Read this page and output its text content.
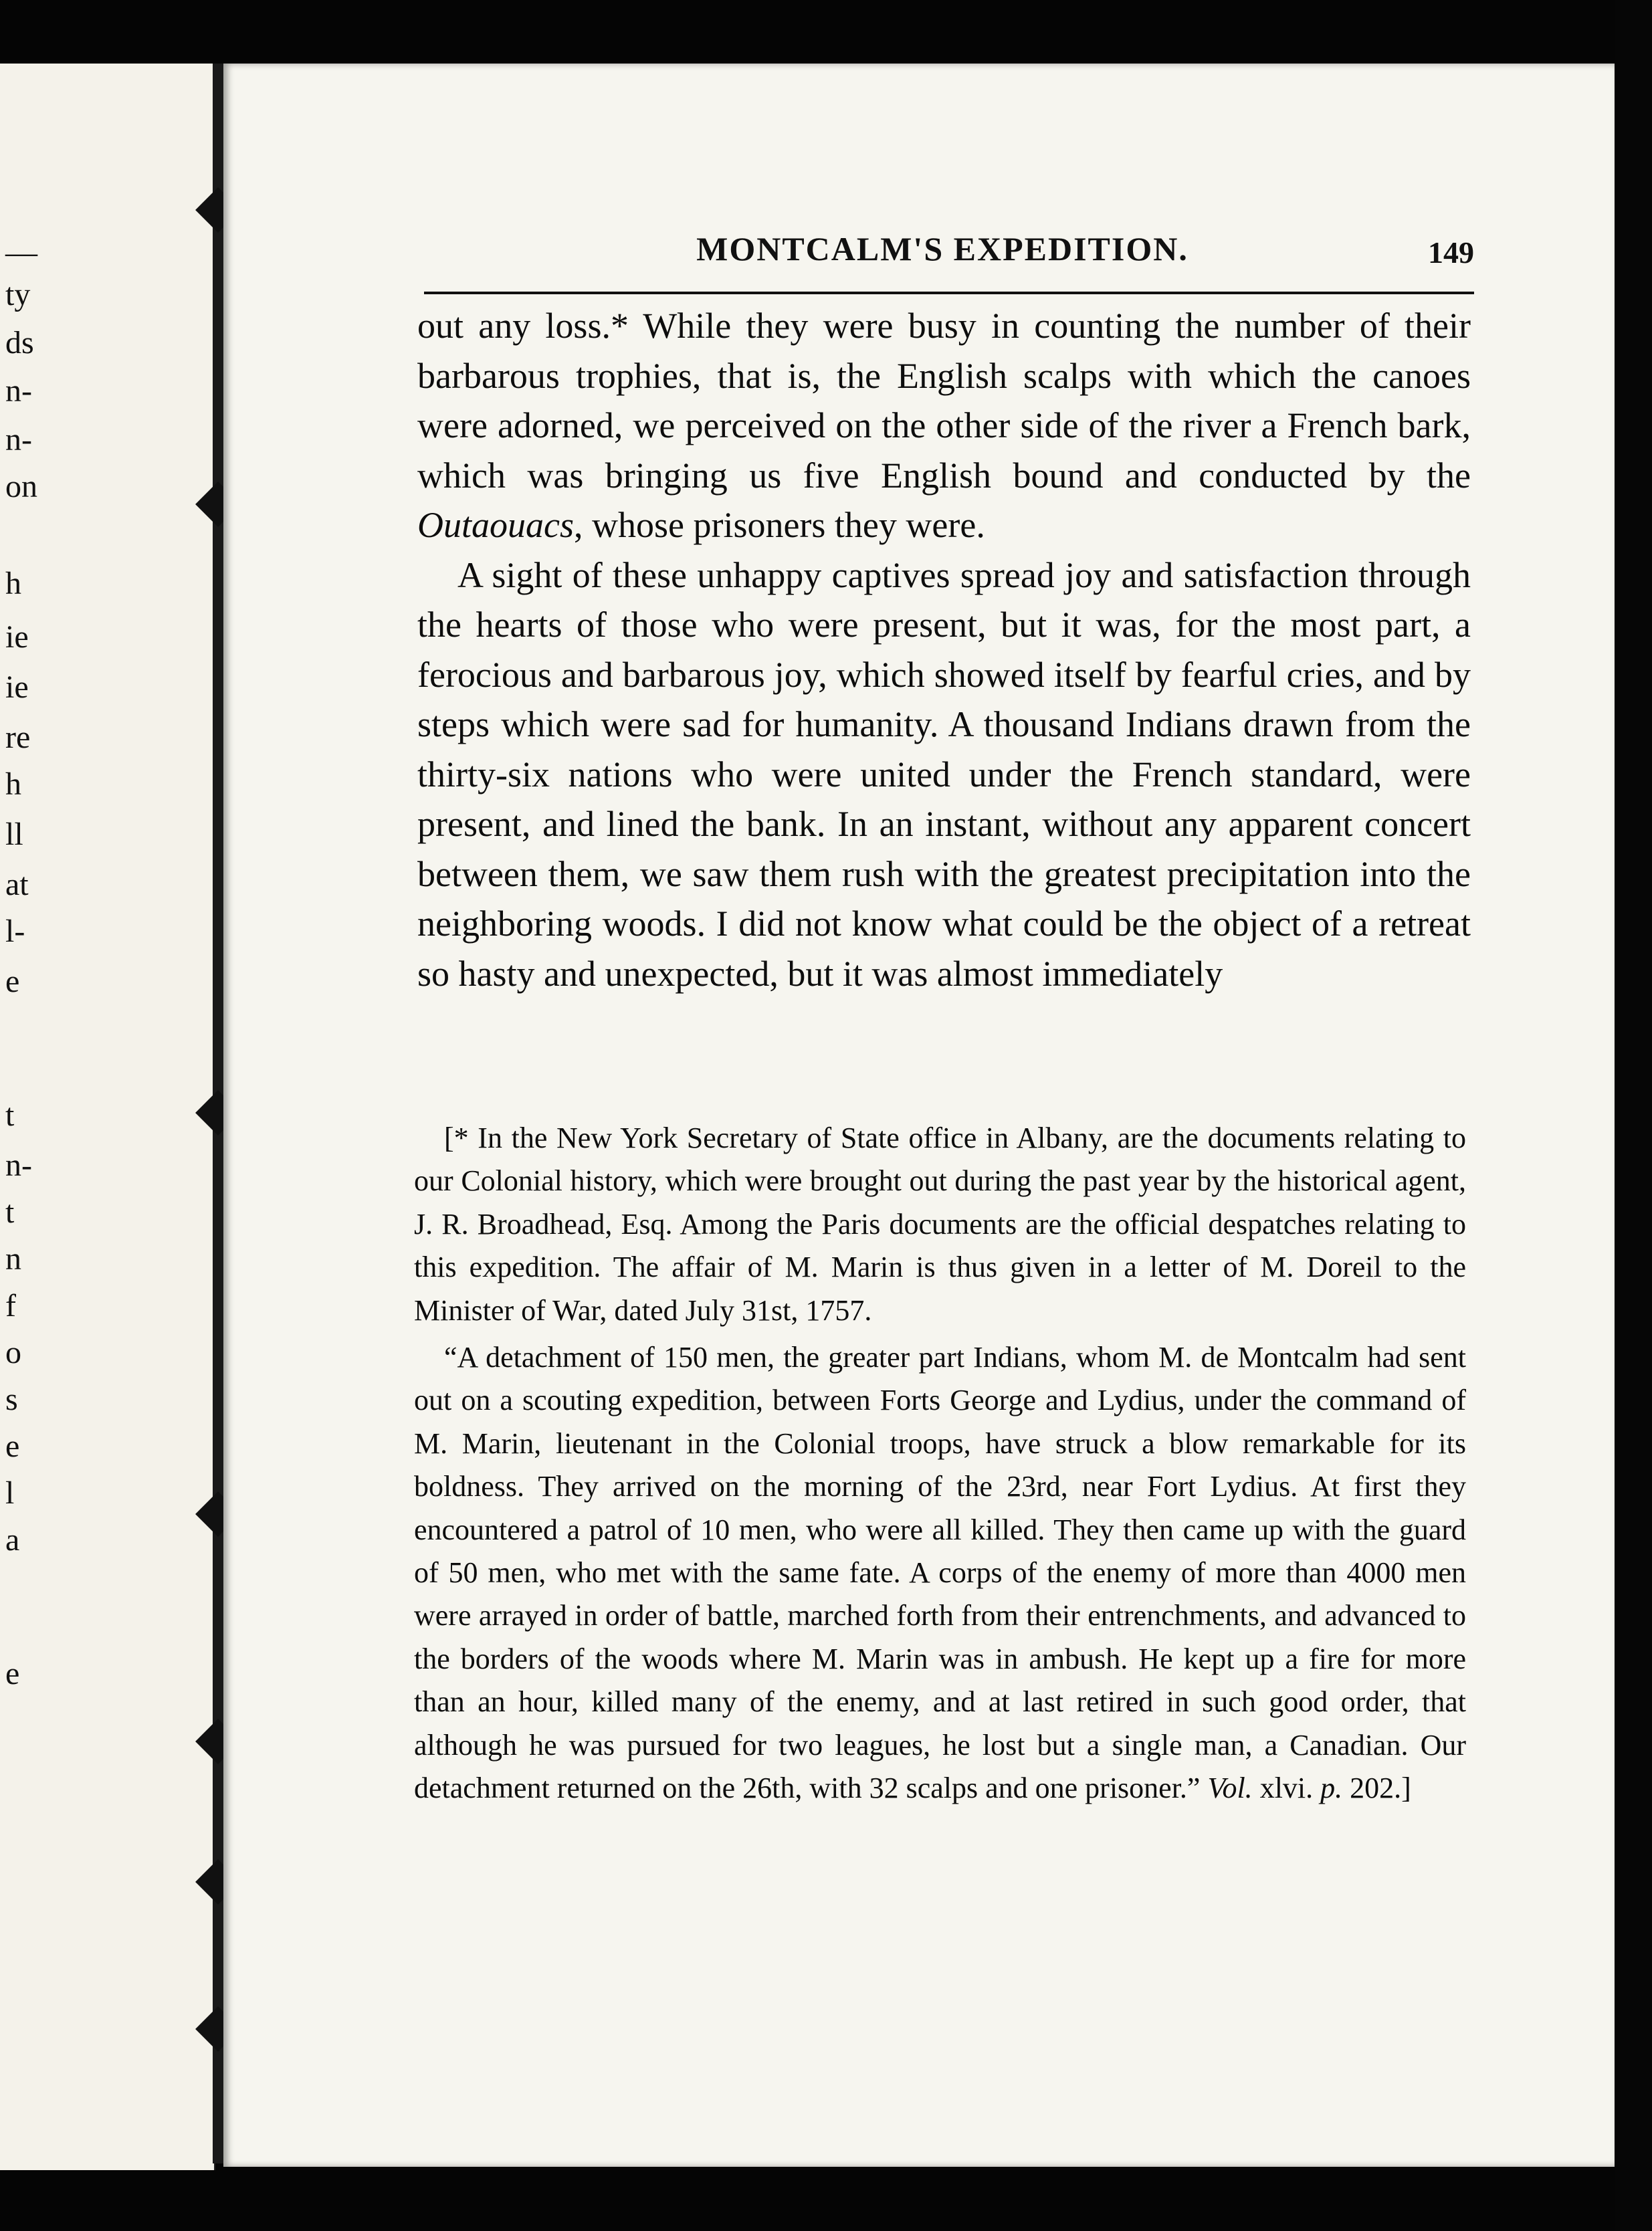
—
ty
ds
n-
n-
on
h
ie
ie
re
h
ll
at
l-
e
t
n-
t
n
f
o
s
e
l
a
e
MONTCALM'S EXPEDITION.	149

out any loss.* While they were busy in counting the number of their barbarous trophies, that is, the English scalps with which the canoes were adorned, we perceived on the other side of the river a French bark, which was bringing us five English bound and conducted by the Outaouacs, whose prisoners they were.

A sight of these unhappy captives spread joy and satisfaction through the hearts of those who were present, but it was, for the most part, a ferocious and barbarous joy, which showed itself by fearful cries, and by steps which were sad for humanity. A thousand Indians drawn from the thirty-six nations who were united under the French standard, were present, and lined the bank. In an instant, without any apparent concert between them, we saw them rush with the greatest precipitation into the neighboring woods. I did not know what could be the object of a retreat so hasty and unexpected, but it was almost immediately

[* In the New York Secretary of State office in Albany, are the documents relating to our Colonial history, which were brought out during the past year by the historical agent, J. R. Broadhead, Esq. Among the Paris documents are the official despatches relating to this expedition. The affair of M. Marin is thus given in a letter of M. Doreil to the Minister of War, dated July 31st, 1757.

“A detachment of 150 men, the greater part Indians, whom M. de Montcalm had sent out on a scouting expedition, between Forts George and Lydius, under the command of M. Marin, lieutenant in the Colonial troops, have struck a blow remarkable for its boldness. They arrived on the morning of the 23rd, near Fort Lydius. At first they encountered a patrol of 10 men, who were all killed. They then came up with the guard of 50 men, who met with the same fate. A corps of the enemy of more than 4000 men were arrayed in order of battle, marched forth from their entrenchments, and advanced to the borders of the woods where M. Marin was in ambush. He kept up a fire for more than an hour, killed many of the enemy, and at last retired in such good order, that although he was pursued for two leagues, he lost but a single man, a Canadian. Our detachment returned on the 26th, with 32 scalps and one prisoner.” Vol. xlvi. p. 202.]
